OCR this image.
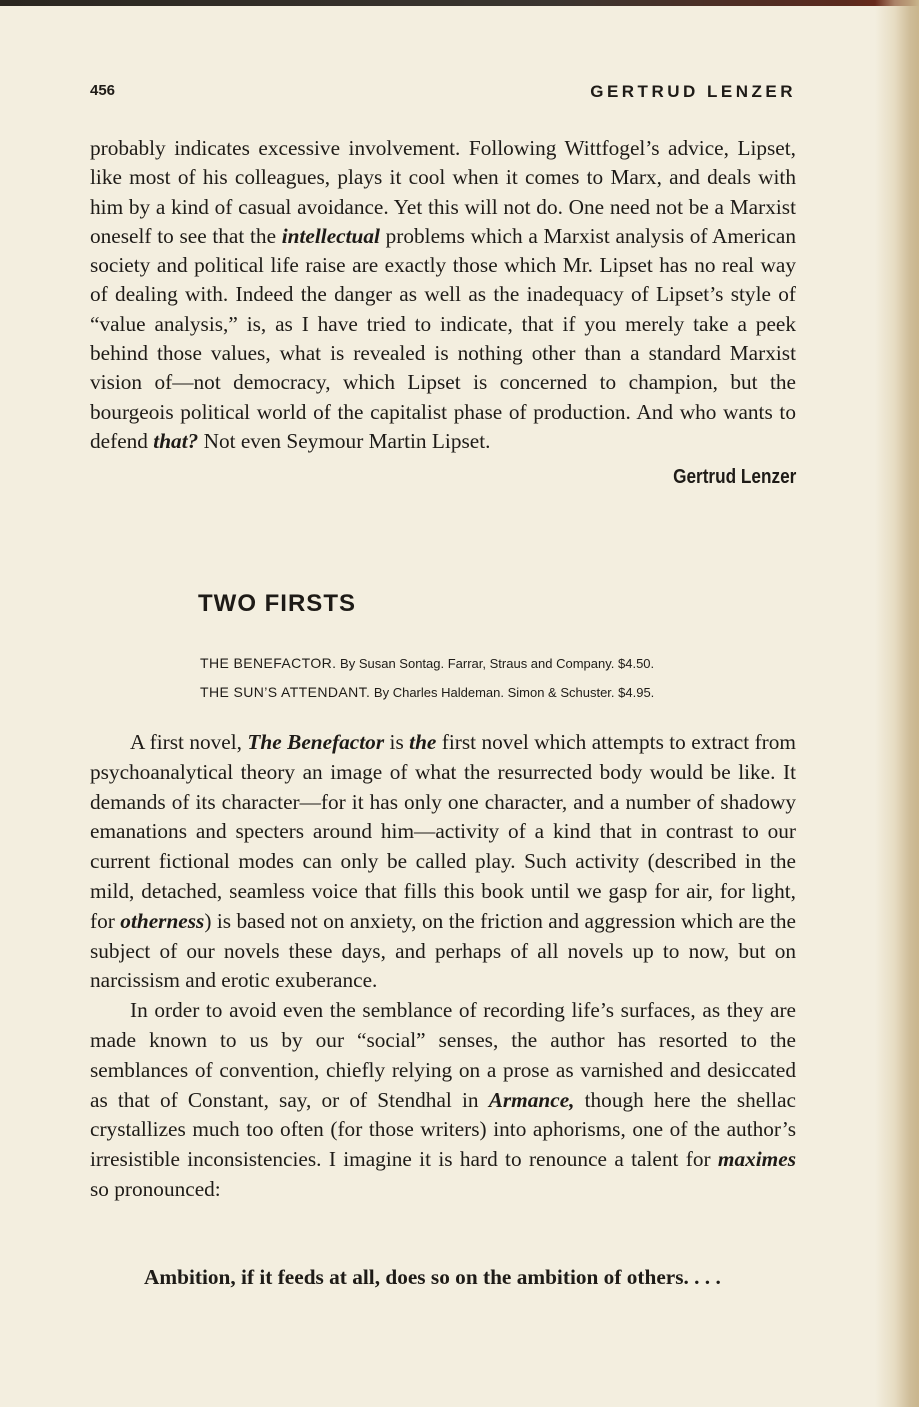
456	GERTRUD LENZER

probably indicates excessive involvement. Following Wittfogel’s advice, Lipset, like most of his colleagues, plays it cool when it comes to Marx, and deals with him by a kind of casual avoidance. Yet this will not do. One need not be a Marxist oneself to see that the intellectual problems which a Marxist analysis of American society and political life raise are exactly those which Mr. Lipset has no real way of dealing with. Indeed the danger as well as the inadequacy of Lipset’s style of “value analysis,” is, as I have tried to indicate, that if you merely take a peek behind those values, what is revealed is nothing other than a standard Marxist vision of—not democracy, which Lipset is concerned to champion, but the bourgeois political world of the capitalist phase of production. And who wants to defend that? Not even Seymour Martin Lipset.

Gertrud Lenzer
TWO FIRSTS
THE BENEFACTOR. By Susan Sontag. Farrar, Straus and Company. $4.50.
THE SUN’S ATTENDANT. By Charles Haldeman. Simon & Schuster. $4.95.

A first novel, The Benefactor is the first novel which attempts to extract from psychoanalytical theory an image of what the resurrected body would be like. It demands of its character—for it has only one character, and a number of shadowy emanations and specters around him—activity of a kind that in contrast to our current fictional modes can only be called play. Such activity (described in the mild, detached, seamless voice that fills this book until we gasp for air, for light, for otherness) is based not on anxiety, on the friction and aggression which are the subject of our novels these days, and perhaps of all novels up to now, but on narcissism and erotic exuberance.

In order to avoid even the semblance of recording life’s surfaces, as they are made known to us by our “social” senses, the author has resorted to the semblances of convention, chiefly relying on a prose as varnished and desiccated as that of Constant, say, or of Stendhal in Armance, though here the shellac crystallizes much too often (for those writers) into aphorisms, one of the author’s irresistible inconsistencies. I imagine it is hard to renounce a talent for maximes so pronounced:

Ambition, if it feeds at all, does so on the ambition of others. . . .
